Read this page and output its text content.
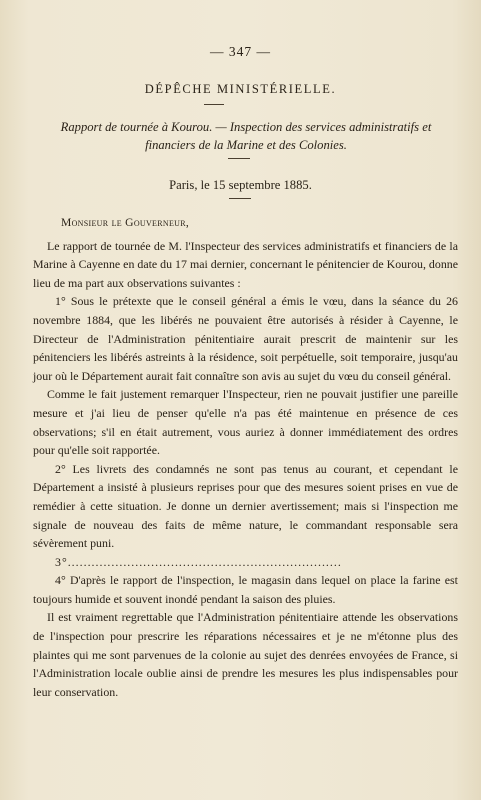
— 347 —
DÉPÊCHE MINISTÉRIELLE.
Rapport de tournée à Kourou. — Inspection des services administratifs et financiers de la Marine et des Colonies.
Paris, le 15 septembre 1885.

Monsieur le Gouverneur,

Le rapport de tournée de M. l'Inspecteur des services administratifs et financiers de la Marine à Cayenne en date du 17 mai dernier, concernant le pénitencier de Kourou, donne lieu de ma part aux observations suivantes :

1° Sous le prétexte que le conseil général a émis le vœu, dans la séance du 26 novembre 1884, que les libérés ne pouvaient être autorisés à résider à Cayenne, le Directeur de l'Administration pénitentiaire aurait prescrit de maintenir sur les pénitenciers les libérés astreints à la résidence, soit perpétuelle, soit temporaire, jusqu'au jour où le Département aurait fait connaître son avis au sujet du vœu du conseil général.

Comme le fait justement remarquer l'Inspecteur, rien ne pouvait justifier une pareille mesure et j'ai lieu de penser qu'elle n'a pas été maintenue en présence de ces observations; s'il en était autrement, vous auriez à donner immédiatement des ordres pour qu'elle soit rapportée.

2° Les livrets des condamnés ne sont pas tenus au courant, et cependant le Département a insisté à plusieurs reprises pour que des mesures soient prises en vue de remédier à cette situation. Je donne un dernier avertissement; mais si l'inspection me signale de nouveau des faits de même nature, le commandant responsable sera sévèrement puni.

3°.....................................................................

4° D'après le rapport de l'inspection, le magasin dans lequel on place la farine est toujours humide et souvent inondé pendant la saison des pluies.

Il est vraiment regrettable que l'Administration pénitentiaire attende les observations de l'inspection pour prescrire les réparations nécessaires et je ne m'étonne plus des plaintes qui me sont parvenues de la colonie au sujet des denrées envoyées de France, si l'Administration locale oublie ainsi de prendre les mesures les plus indispensables pour leur conservation.
